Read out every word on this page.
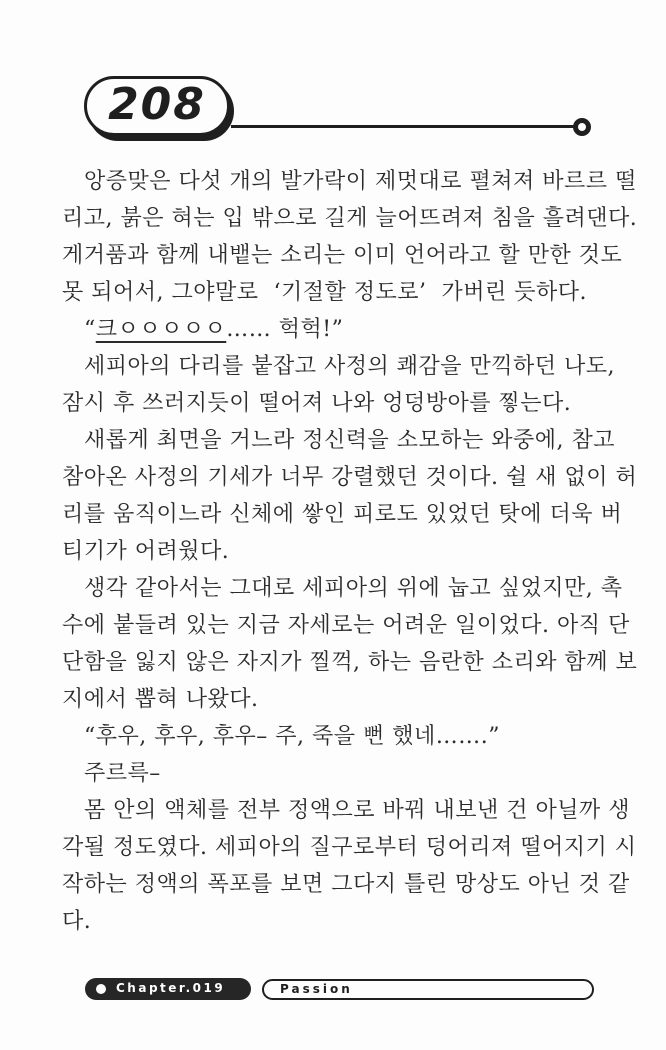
208
앙증맞은 다섯 개의 발가락이 제멋대로 펼쳐져 바르르 떨
리고, 붉은 혀는 입 밖으로 길게 늘어뜨려져 침을 흘려댄다.
게거품과 함께 내뱉는 소리는 이미 언어라고 할 만한 것도
못 되어서, 그야말로  ‘기절할 정도로’  가버린 듯하다.
“크ㅇㅇㅇㅇㅇ…… 헉헉!”
세피아의 다리를 붙잡고 사정의 쾌감을 만끽하던 나도,
잠시 후 쓰러지듯이 떨어져 나와 엉덩방아를 찧는다.
새롭게 최면을 거느라 정신력을 소모하는 와중에, 참고
참아온 사정의 기세가 너무 강렬했던 것이다. 쉴 새 없이 허
리를 움직이느라 신체에 쌓인 피로도 있었던 탓에 더욱 버
티기가 어려웠다.
생각 같아서는 그대로 세피아의 위에 눕고 싶었지만, 촉
수에 붙들려 있는 지금 자세로는 어려운 일이었다. 아직 단
단함을 잃지 않은 자지가 찔꺽, 하는 음란한 소리와 함께 보
지에서 뽑혀 나왔다.
“후우, 후우, 후우– 주, 죽을 뻔 했네…….”
주르륵–
몸 안의 액체를 전부 정액으로 바꿔 내보낸 건 아닐까 생
각될 정도였다. 세피아의 질구로부터 덩어리져 떨어지기 시
작하는 정액의 폭포를 보면 그다지 틀린 망상도 아닌 것 같
다.
Chapter.019	Passion
